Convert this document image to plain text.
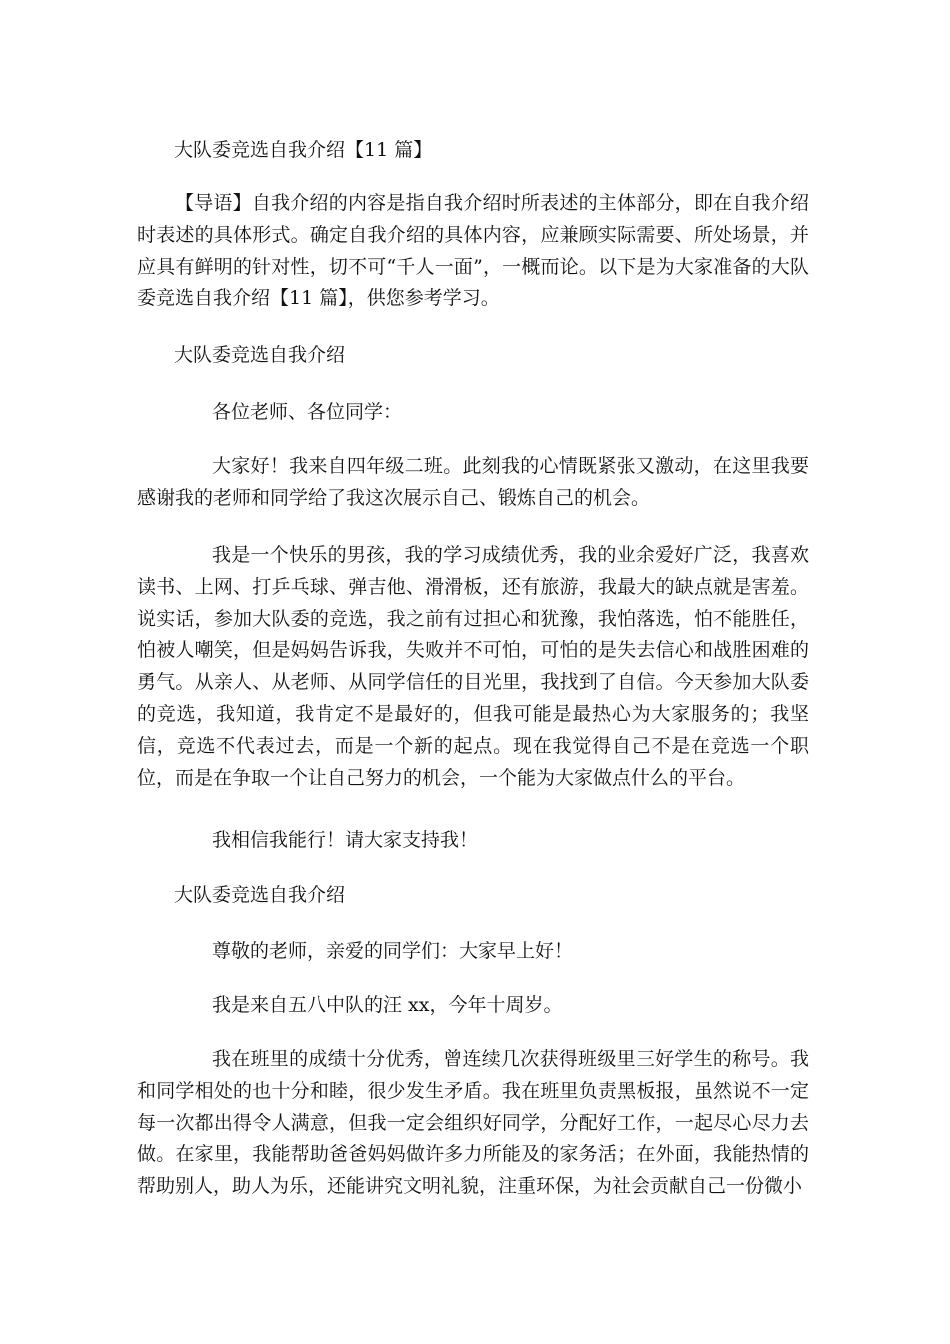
大队委竞选自我介绍【11 篇】

【导语】自我介绍的内容是指自我介绍时所表述的主体部分，即在自我介绍时表述的具体形式。确定自我介绍的具体内容，应兼顾实际需要、所处场景，并应具有鲜明的针对性，切不可“千人一面”，一概而论。以下是为大家准备的大队委竞选自我介绍【11 篇】，供您参考学习。

大队委竞选自我介绍
各位老师、各位同学：

大家好！我来自四年级二班。此刻我的心情既紧张又激动，在这里我要感谢我的老师和同学给了我这次展示自己、锻炼自己的机会。

我是一个快乐的男孩，我的学习成绩优秀，我的业余爱好广泛，我喜欢读书、上网、打乒乓球、弹吉他、滑滑板，还有旅游，我最大的缺点就是害羞。说实话，参加大队委的竞选，我之前有过担心和犹豫，我怕落选，怕不能胜任，怕被人嘲笑，但是妈妈告诉我，失败并不可怕，可怕的是失去信心和战胜困难的勇气。从亲人、从老师、从同学信任的目光里，我找到了自信。今天参加大队委的竞选，我知道，我肯定不是最好的，但我可能是最热心为大家服务的；我坚信，竞选不代表过去，而是一个新的起点。现在我觉得自己不是在竞选一个职位，而是在争取一个让自己努力的机会，一个能为大家做点什么的平台。

我相信我能行！请大家支持我！
大队委竞选自我介绍
尊敬的老师，亲爱的同学们：大家早上好！
我是来自五八中队的汪 xx，今年十周岁。

我在班里的成绩十分优秀，曾连续几次获得班级里三好学生的称号。我和同学相处的也十分和睦，很少发生矛盾。我在班里负责黑板报，虽然说不一定每一次都出得令人满意，但我一定会组织好同学，分配好工作，一起尽心尽力去做。在家里，我能帮助爸爸妈妈做许多力所能及的家务活；在外面，我能热情的帮助别人，助人为乐，还能讲究文明礼貌，注重环保，为社会贡献自己一份微小
